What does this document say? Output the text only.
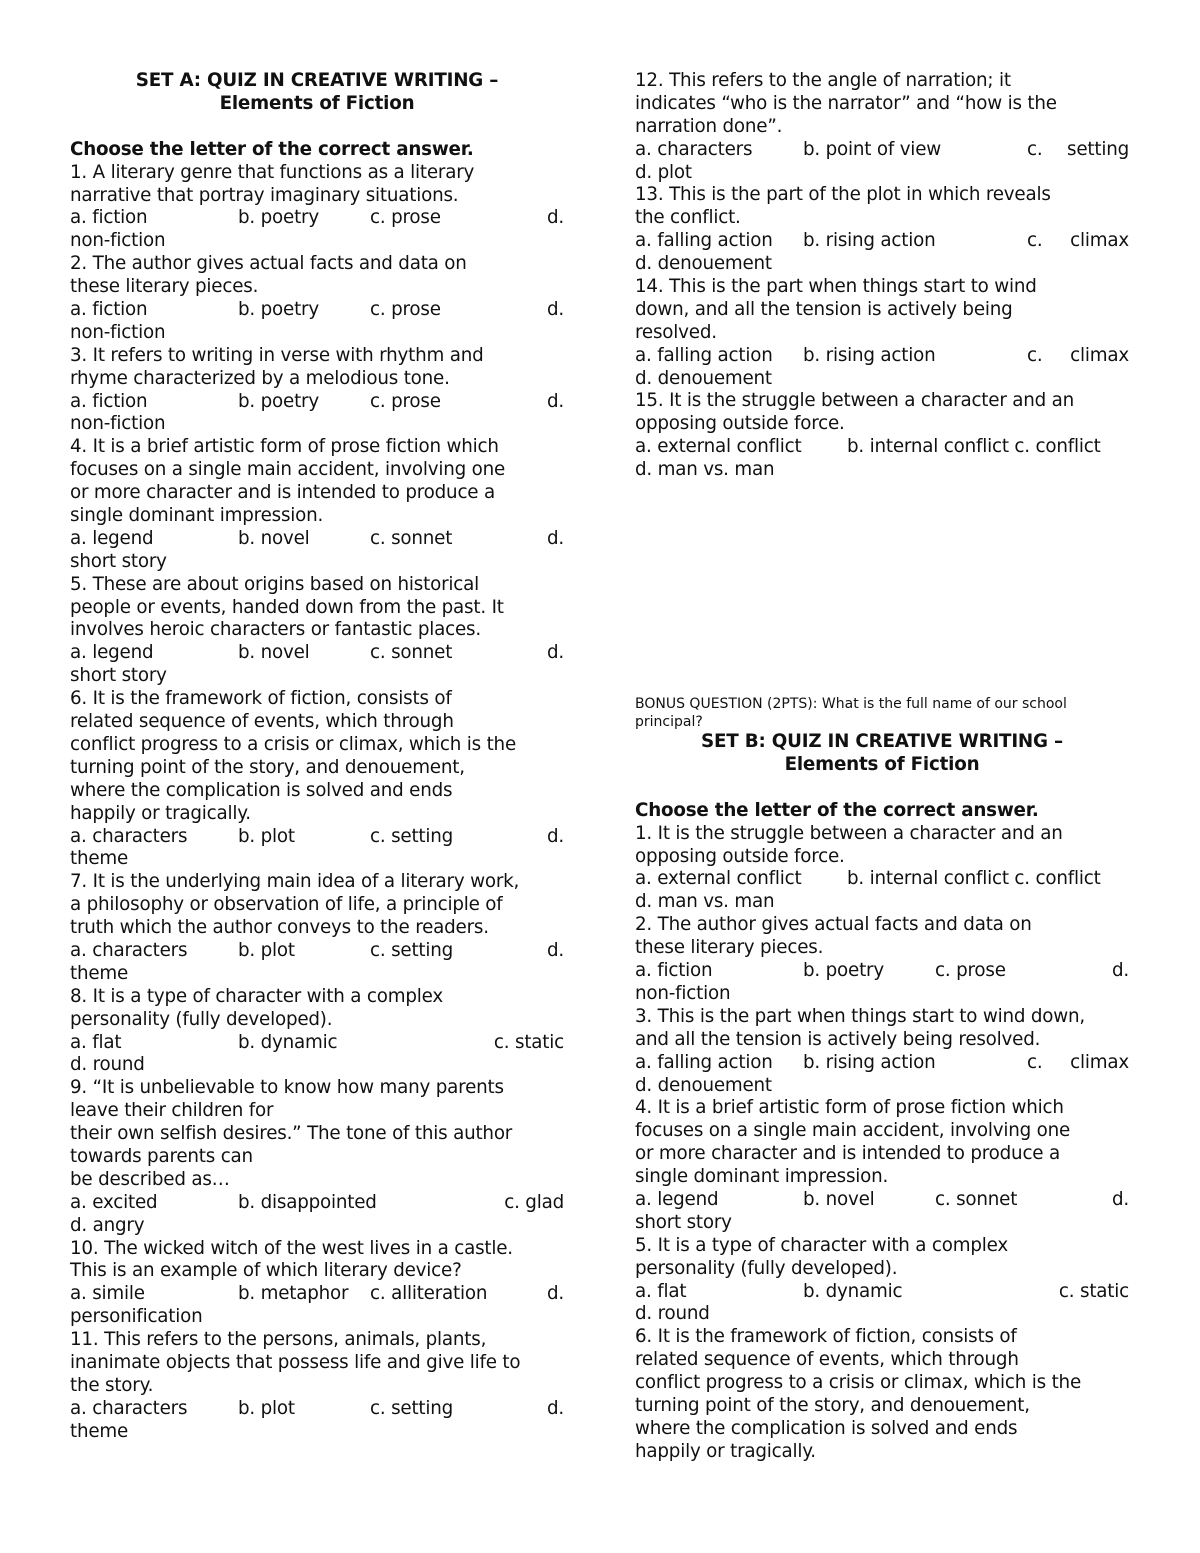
SET A: QUIZ IN CREATIVE WRITING –
Elements of Fiction
Choose the letter of the correct answer.
1. A literary genre that functions as a literary
narrative that portray imaginary situations.
a. fiction	b. poetry	c. prose	d.
non-fiction
2. The author gives actual facts and data on
these literary pieces.
a. fiction	b. poetry	c. prose	d.
non-fiction
3. It refers to writing in verse with rhythm and
rhyme characterized by a melodious tone.
a. fiction	b. poetry	c. prose	d.
non-fiction
4. It is a brief artistic form of prose fiction which
focuses on a single main accident, involving one
or more character and is intended to produce a
single dominant impression.
a. legend	b. novel	c. sonnet	d.
short story
5. These are about origins based on historical
people or events, handed down from the past. It
involves heroic characters or fantastic places.
a. legend	b. novel	c. sonnet	d.
short story
6. It is the framework of fiction, consists of
related sequence of events, which through
conflict progress to a crisis or climax, which is the
turning point of the story, and denouement,
where the complication is solved and ends
happily or tragically.
a. characters	b. plot	c. setting	d.
theme
7. It is the underlying main idea of a literary work,
a philosophy or observation of life, a principle of
truth which the author conveys to the readers.
a. characters	b. plot	c. setting	d.
theme
8. It is a type of character with a complex
personality (fully developed).
a. flat	b. dynamic	c. static
d. round
9. “It is unbelievable to know how many parents
leave their children for
their own selfish desires.” The tone of this author
towards parents can
be described as…
a. excited	b. disappointed	c. glad
d. angry
10. The wicked witch of the west lives in a castle.
This is an example of which literary device?
a. simile	b. metaphor c. alliteration	d.
personification
11. This refers to the persons, animals, plants,
inanimate objects that possess life and give life to
the story.
a. characters	b. plot	c. setting	d.
theme
12. This refers to the angle of narration; it
indicates “who is the narrator” and “how is the
narration done”.
a. characters	b. point of view	c. setting
d. plot
13. This is the part of the plot in which reveals
the conflict.
a. falling action b. rising action	c. climax
d. denouement
14. This is the part when things start to wind
down, and all the tension is actively being
resolved.
a. falling action b. rising action	c. climax
d. denouement
15. It is the struggle between a character and an
opposing outside force.
a. external conflict b. internal conflict c. conflict
d. man vs. man
BONUS QUESTION (2PTS): What is the full name of our school
principal?
SET B: QUIZ IN CREATIVE WRITING –
Elements of Fiction
Choose the letter of the correct answer.
1. It is the struggle between a character and an
opposing outside force.
a. external conflict b. internal conflict c. conflict
d. man vs. man
2. The author gives actual facts and data on
these literary pieces.
a. fiction	b. poetry	c. prose	d.
non-fiction
3. This is the part when things start to wind down,
and all the tension is actively being resolved.
a. falling action b. rising action	c. climax
d. denouement
4. It is a brief artistic form of prose fiction which
focuses on a single main accident, involving one
or more character and is intended to produce a
single dominant impression.
a. legend	b. novel	c. sonnet	d.
short story
5. It is a type of character with a complex
personality (fully developed).
a. flat	b. dynamic	c. static
d. round
6. It is the framework of fiction, consists of
related sequence of events, which through
conflict progress to a crisis or climax, which is the
turning point of the story, and denouement,
where the complication is solved and ends
happily or tragically.
